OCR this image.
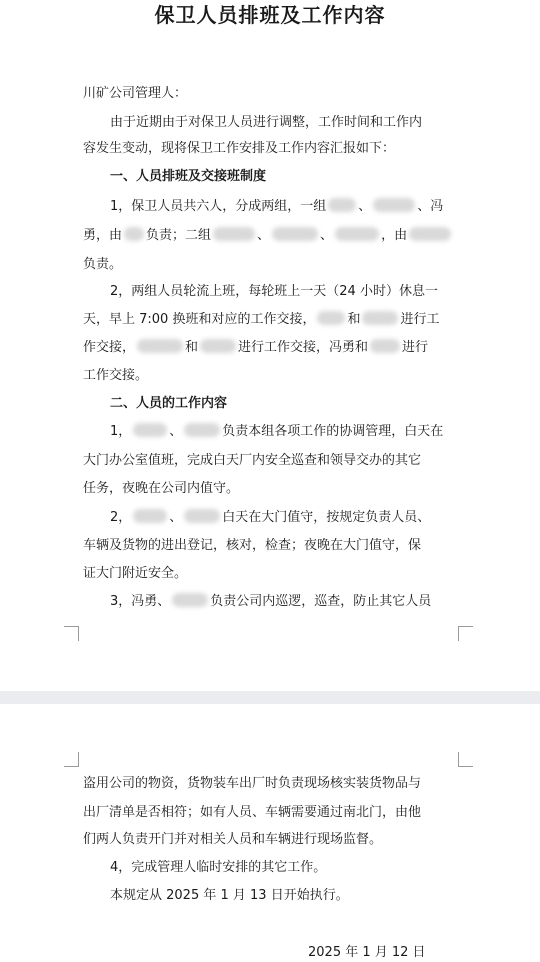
保卫人员排班及工作内容
川矿公司管理人：
由于近期由于对保卫人员进行调整，工作时间和工作内
容发生变动，现将保卫工作安排及工作内容汇报如下：
一、人员排班及交接班制度
1，保卫人员共六人，分成两组，一组 、	、冯
勇，由 负责；二组	、	、	，由
负责。
2，两组人员轮流上班，每轮班上一天（24 小时）休息一
天，早上 7:00 换班和对应的工作交接， 和	进行工
作交接，	和	进行工作交接，冯勇和	进行
工作交接。
二、人员的工作内容
1，	、	负责本组各项工作的协调管理，白天在
大门办公室值班，完成白天厂内安全巡查和领导交办的其它
任务，夜晚在公司内值守。
2，	、	白天在大门值守，按规定负责人员、
车辆及货物的进出登记，核对，检查；夜晚在大门值守，保
证大门附近安全。
3，冯勇、	负责公司内巡逻，巡查，防止其它人员
盗用公司的物资，货物装车出厂时负责现场核实装货物品与
出厂清单是否相符；如有人员、车辆需要通过南北门，由他
们两人负责开门并对相关人员和车辆进行现场监督。
4，完成管理人临时安排的其它工作。
本规定从 2025 年 1 月 13 日开始执行。
2025 年 1 月 12 日
